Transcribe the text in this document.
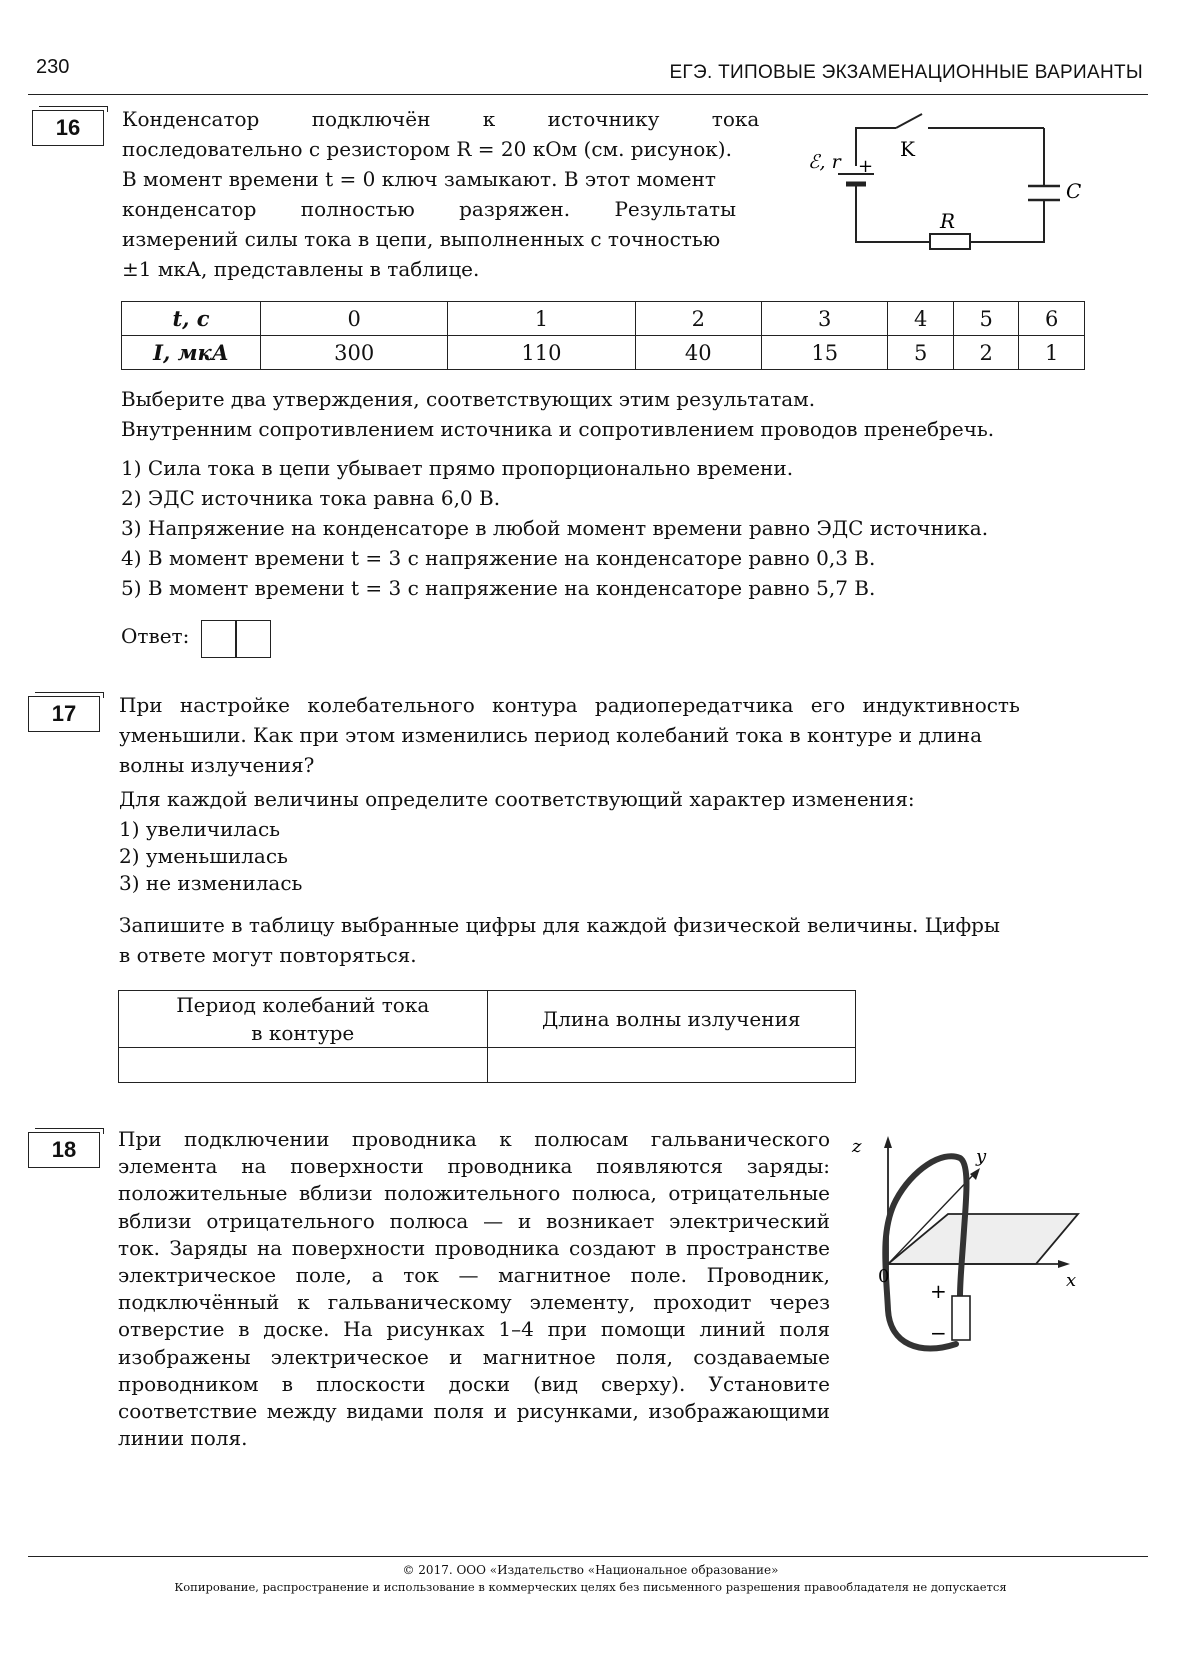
230	ЕГЭ. ТИПОВЫЕ ЭКЗАМЕНАЦИОННЫЕ ВАРИАНТЫ
16	Конденсатор подключён к источнику тока
последовательно с резистором R = 20 кОм (см. рисунок).
В момент времени t = 0 ключ замыкают. В этот момент
конденсатор полностью разряжен. Результаты
измерений силы тока в цепи, выполненных с точностью
±1 мкА, представлены в таблице.
ℰ, r +
K
C
R
t, с	0	1	2	3	4	5	6
I, мкА	300	110	40	15	5	2	1
Выберите два утверждения, соответствующих этим результатам.
Внутренним сопротивлением источника и сопротивлением проводов пренебречь.
1) Сила тока в цепи убывает прямо пропорционально времени.
2) ЭДС источника тока равна 6,0 В.
3) Напряжение на конденсаторе в любой момент времени равно ЭДС источника.
4) В момент времени t = 3 с напряжение на конденсаторе равно 0,3 В.
5) В момент времени t = 3 с напряжение на конденсаторе равно 5,7 В.
Ответ:
17	При настройке колебательного контура радиопередатчика его индуктивность
уменьшили. Как при этом изменились период колебаний тока в контуре и длина
волны излучения?
Для каждой величины определите соответствующий характер изменения:
1) увеличилась
2) уменьшилась
3) не изменилась
Запишите в таблицу выбранные цифры для каждой физической величины. Цифры
в ответе могут повторяться.
Период колебаний тока
в контуре	Длина волны излучения

18	При подключении проводника к полюсам гальванического
элемента на поверхности проводника появляются заряды:
положительные вблизи положительного полюса, отрицательные
вблизи отрицательного полюса — и возникает электрический
ток. Заряды на поверхности проводника создают в пространстве
электрическое поле, а ток — магнитное поле. Проводник,
подключённый к гальваническому элементу, проходит через
отверстие в доске. На рисунках 1–4 при помощи линий поля
изображены электрическое и магнитное поля, создаваемые
проводником в плоскости доски (вид сверху). Установите
соответствие между видами поля и рисунками, изображающими
линии поля.
z	y
x
0
+
−
© 2017. ООО «Издательство «Национальное образование»
Копирование, распространение и использование в коммерческих целях без письменного разрешения правообладателя не допускается
